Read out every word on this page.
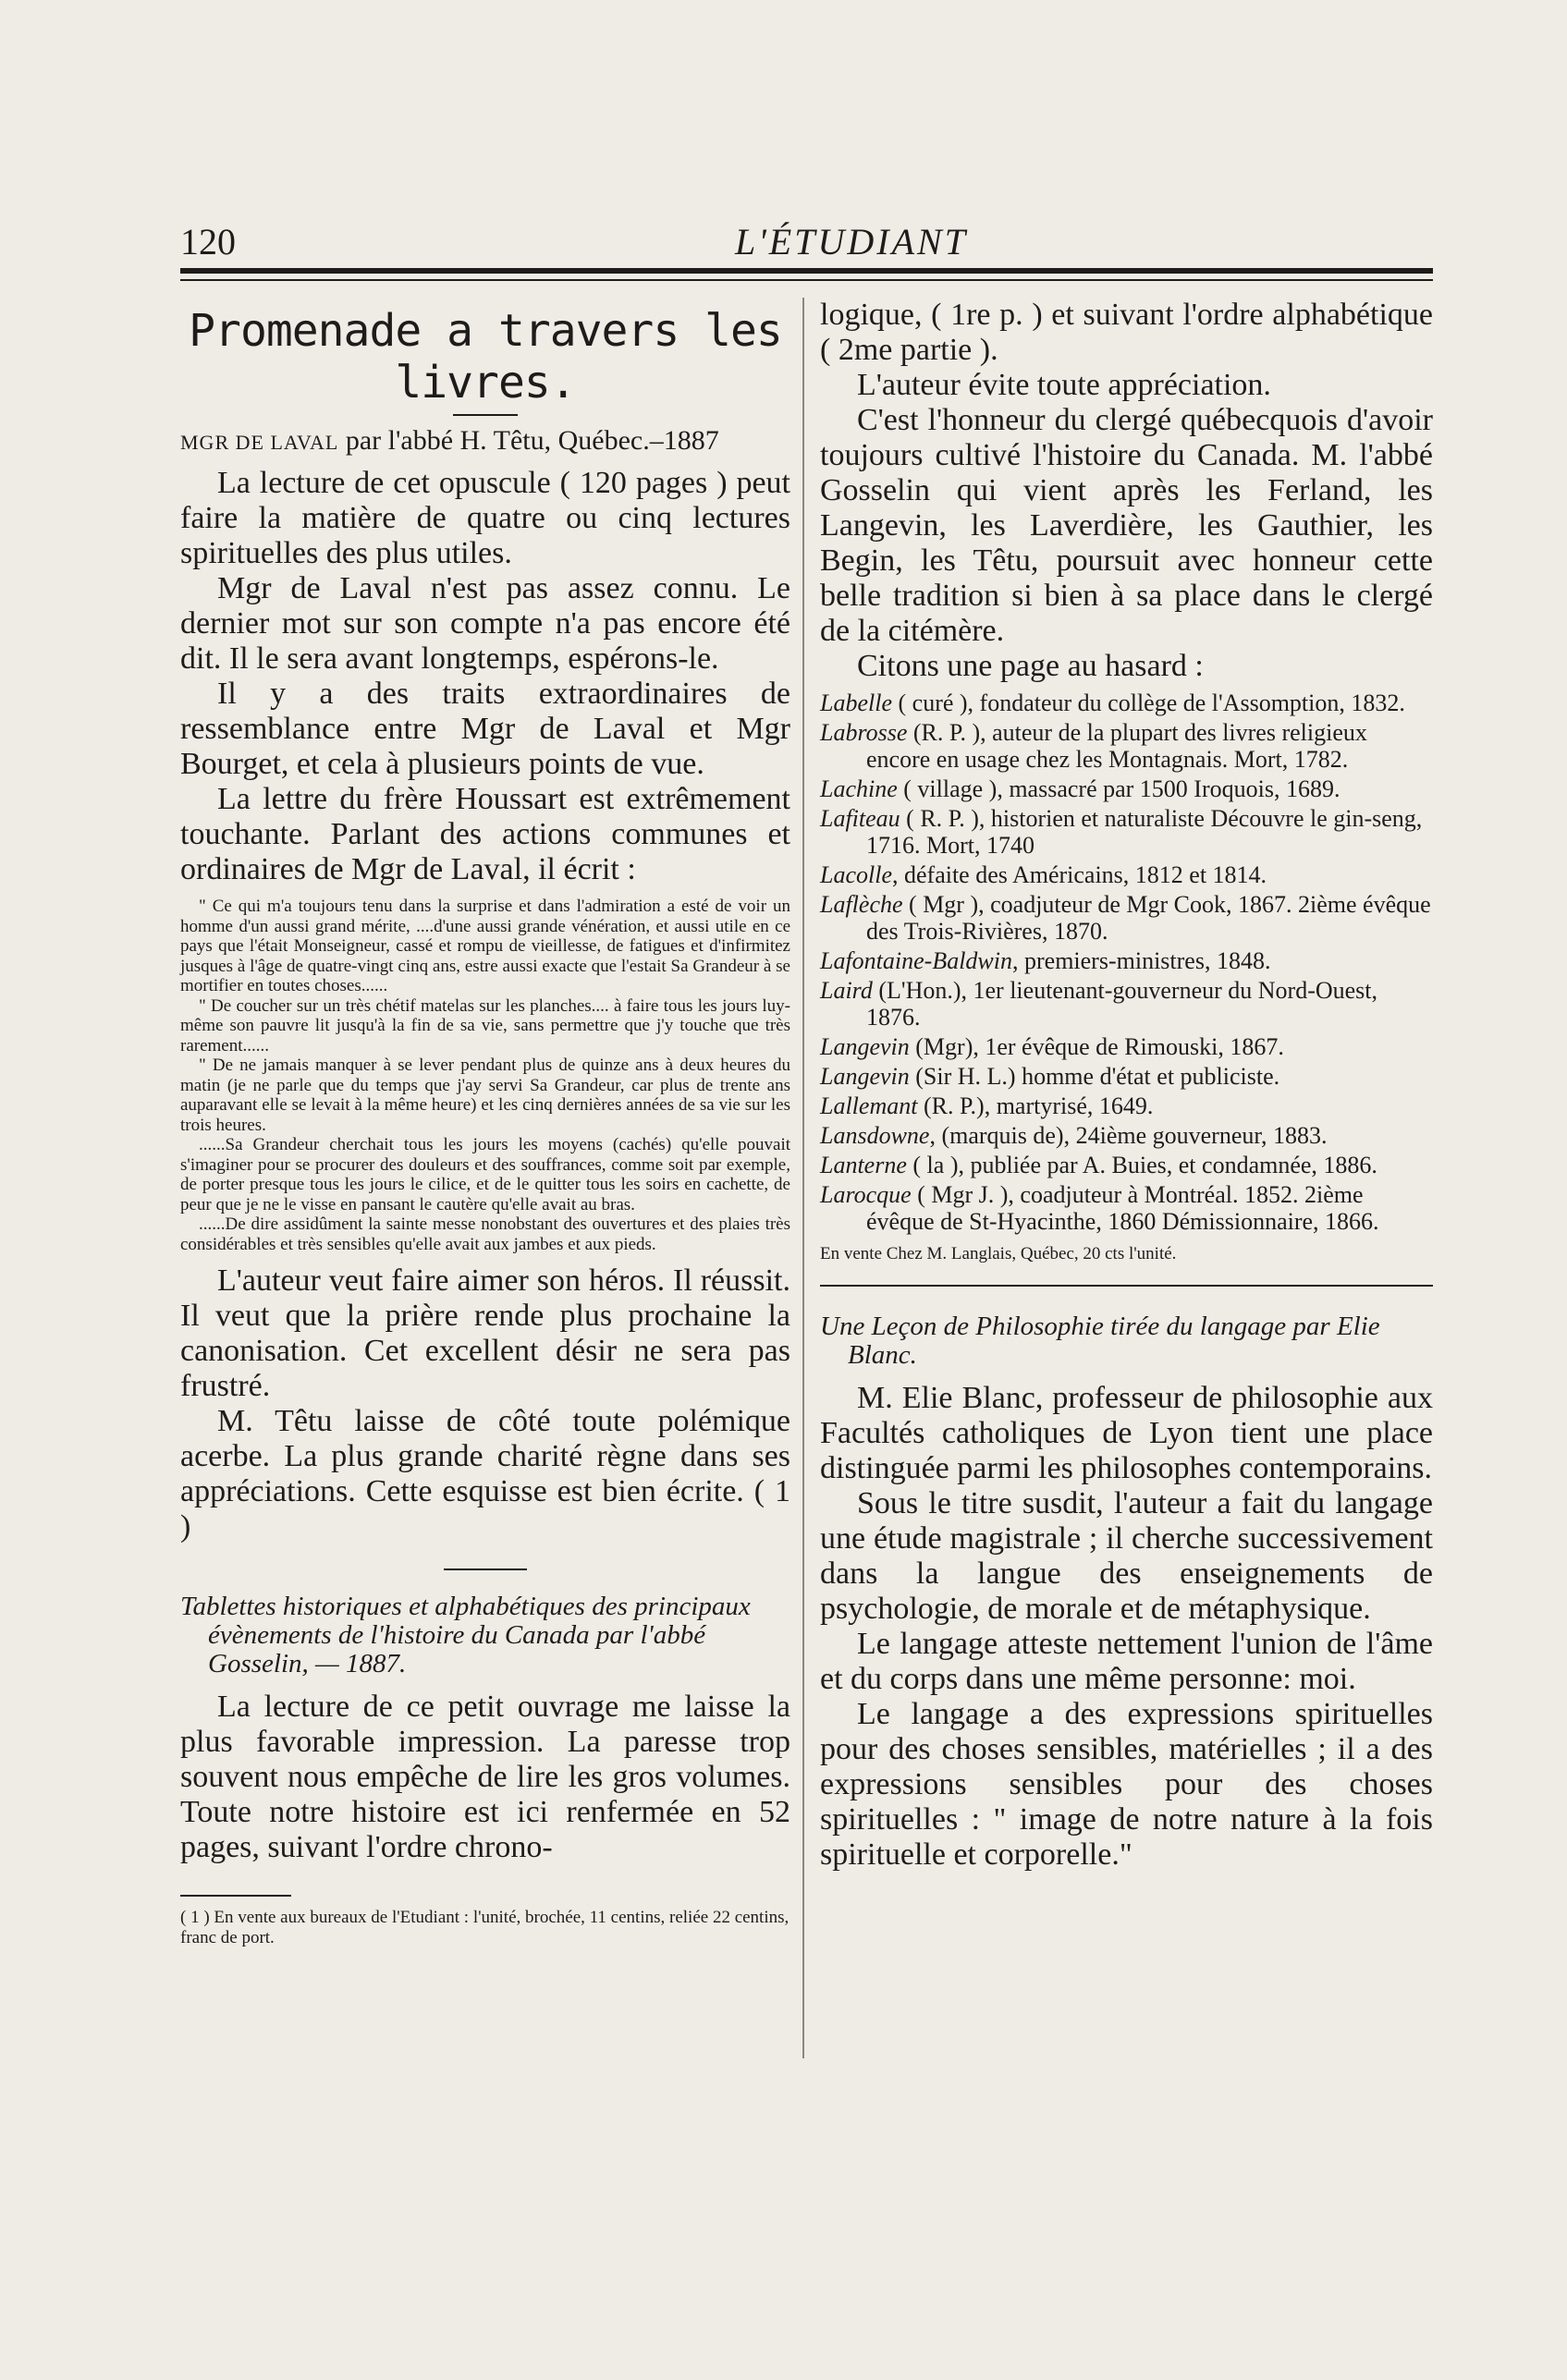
120	L'ÉTUDIANT
Promenade a travers les livres.
MGR DE LAVAL par l'abbé H. Têtu, Québec.–1887

La lecture de cet opuscule ( 120 pages ) peut faire la matière de quatre ou cinq lectures spirituelles des plus utiles.

Mgr de Laval n'est pas assez connu. Le dernier mot sur son compte n'a pas encore été dit. Il le sera avant longtemps, espérons-le.

Il y a des traits extraordinaires de ressemblance entre Mgr de Laval et Mgr Bourget, et cela à plusieurs points de vue.

La lettre du frère Houssart est extrêmement touchante. Parlant des actions communes et ordinaires de Mgr de Laval, il écrit :

" Ce qui m'a toujours tenu dans la surprise et dans l'admiration a esté de voir un homme d'un aussi grand mérite, ....d'une aussi grande vénération, et aussi utile en ce pays que l'était Monseigneur, cassé et rompu de vieillesse, de fatigues et d'infirmitez jusques à l'âge de quatre-vingt cinq ans, estre aussi exacte que l'estait Sa Grandeur à se mortifier en toutes choses......

" De coucher sur un très chétif matelas sur les planches.... à faire tous les jours luy-même son pauvre lit jusqu'à la fin de sa vie, sans permettre que j'y touche que très rarement......

" De ne jamais manquer à se lever pendant plus de quinze ans à deux heures du matin (je ne parle que du temps que j'ay servi Sa Grandeur, car plus de trente ans auparavant elle se levait à la même heure) et les cinq dernières années de sa vie sur les trois heures.

......Sa Grandeur cherchait tous les jours les moyens (cachés) qu'elle pouvait s'imaginer pour se procurer des douleurs et des souffrances, comme soit par exemple, de porter presque tous les jours le cilice, et de le quitter tous les soirs en cachette, de peur que je ne le visse en pansant le cautère qu'elle avait au bras.

......De dire assidûment la sainte messe nonobstant des ouvertures et des plaies très considérables et très sensibles qu'elle avait aux jambes et aux pieds.

L'auteur veut faire aimer son héros. Il réussit. Il veut que la prière rende plus prochaine la canonisation. Cet excellent désir ne sera pas frustré.

M. Têtu laisse de côté toute polémique acerbe. La plus grande charité règne dans ses appréciations. Cette esquisse est bien écrite. ( 1 )

Tablettes historiques et alphabétiques des principaux évènements de l'histoire du Canada par l'abbé Gosselin, — 1887.

La lecture de ce petit ouvrage me laisse la plus favorable impression. La paresse trop souvent nous empêche de lire les gros volumes. Toute notre histoire est ici renfermée en 52 pages, suivant l'ordre chrono-

( 1 ) En vente aux bureaux de l'Etudiant : l'unité, brochée, 11 centins, reliée 22 centins, franc de port.

logique, ( 1re p. ) et suivant l'ordre alphabétique ( 2me partie ).

L'auteur évite toute appréciation.

C'est l'honneur du clergé québecquois d'avoir toujours cultivé l'histoire du Canada. M. l'abbé Gosselin qui vient après les Ferland, les Langevin, les Laverdière, les Gauthier, les Begin, les Têtu, poursuit avec honneur cette belle tradition si bien à sa place dans le clergé de la citémère.

Citons une page au hasard :

Labelle ( curé ), fondateur du collège de l'Assomption, 1832.

Labrosse (R. P. ), auteur de la plupart des livres religieux encore en usage chez les Montagnais. Mort, 1782.

Lachine ( village ), massacré par 1500 Iroquois, 1689.

Lafiteau ( R. P. ), historien et naturaliste Découvre le gin-seng, 1716. Mort, 1740

Lacolle, défaite des Américains, 1812 et 1814.

Laflèche ( Mgr ), coadjuteur de Mgr Cook, 1867. 2ième évêque des Trois-Rivières, 1870.

Lafontaine-Baldwin, premiers-ministres, 1848.

Laird (L'Hon.), 1er lieutenant-gouverneur du Nord-Ouest, 1876.

Langevin (Mgr), 1er évêque de Rimouski, 1867.

Langevin (Sir H. L.) homme d'état et publiciste.

Lallemant (R. P.), martyrisé, 1649.

Lansdowne, (marquis de), 24ième gouverneur, 1883.

Lanterne ( la ), publiée par A. Buies, et condamnée, 1886.

Larocque ( Mgr J. ), coadjuteur à Montréal. 1852. 2ième évêque de St-Hyacinthe, 1860 Démissionnaire, 1866.

En vente Chez M. Langlais, Québec, 20 cts l'unité.

Une Leçon de Philosophie tirée du langage par Elie Blanc.

M. Elie Blanc, professeur de philosophie aux Facultés catholiques de Lyon tient une place distinguée parmi les philosophes contemporains.

Sous le titre susdit, l'auteur a fait du langage une étude magistrale ; il cherche successivement dans la langue des enseignements de psychologie, de morale et de métaphysique.

Le langage atteste nettement l'union de l'âme et du corps dans une même personne: moi.

Le langage a des expressions spirituelles pour des choses sensibles, matérielles ; il a des expressions sensibles pour des choses spirituelles : " image de notre nature à la fois spirituelle et corporelle."
